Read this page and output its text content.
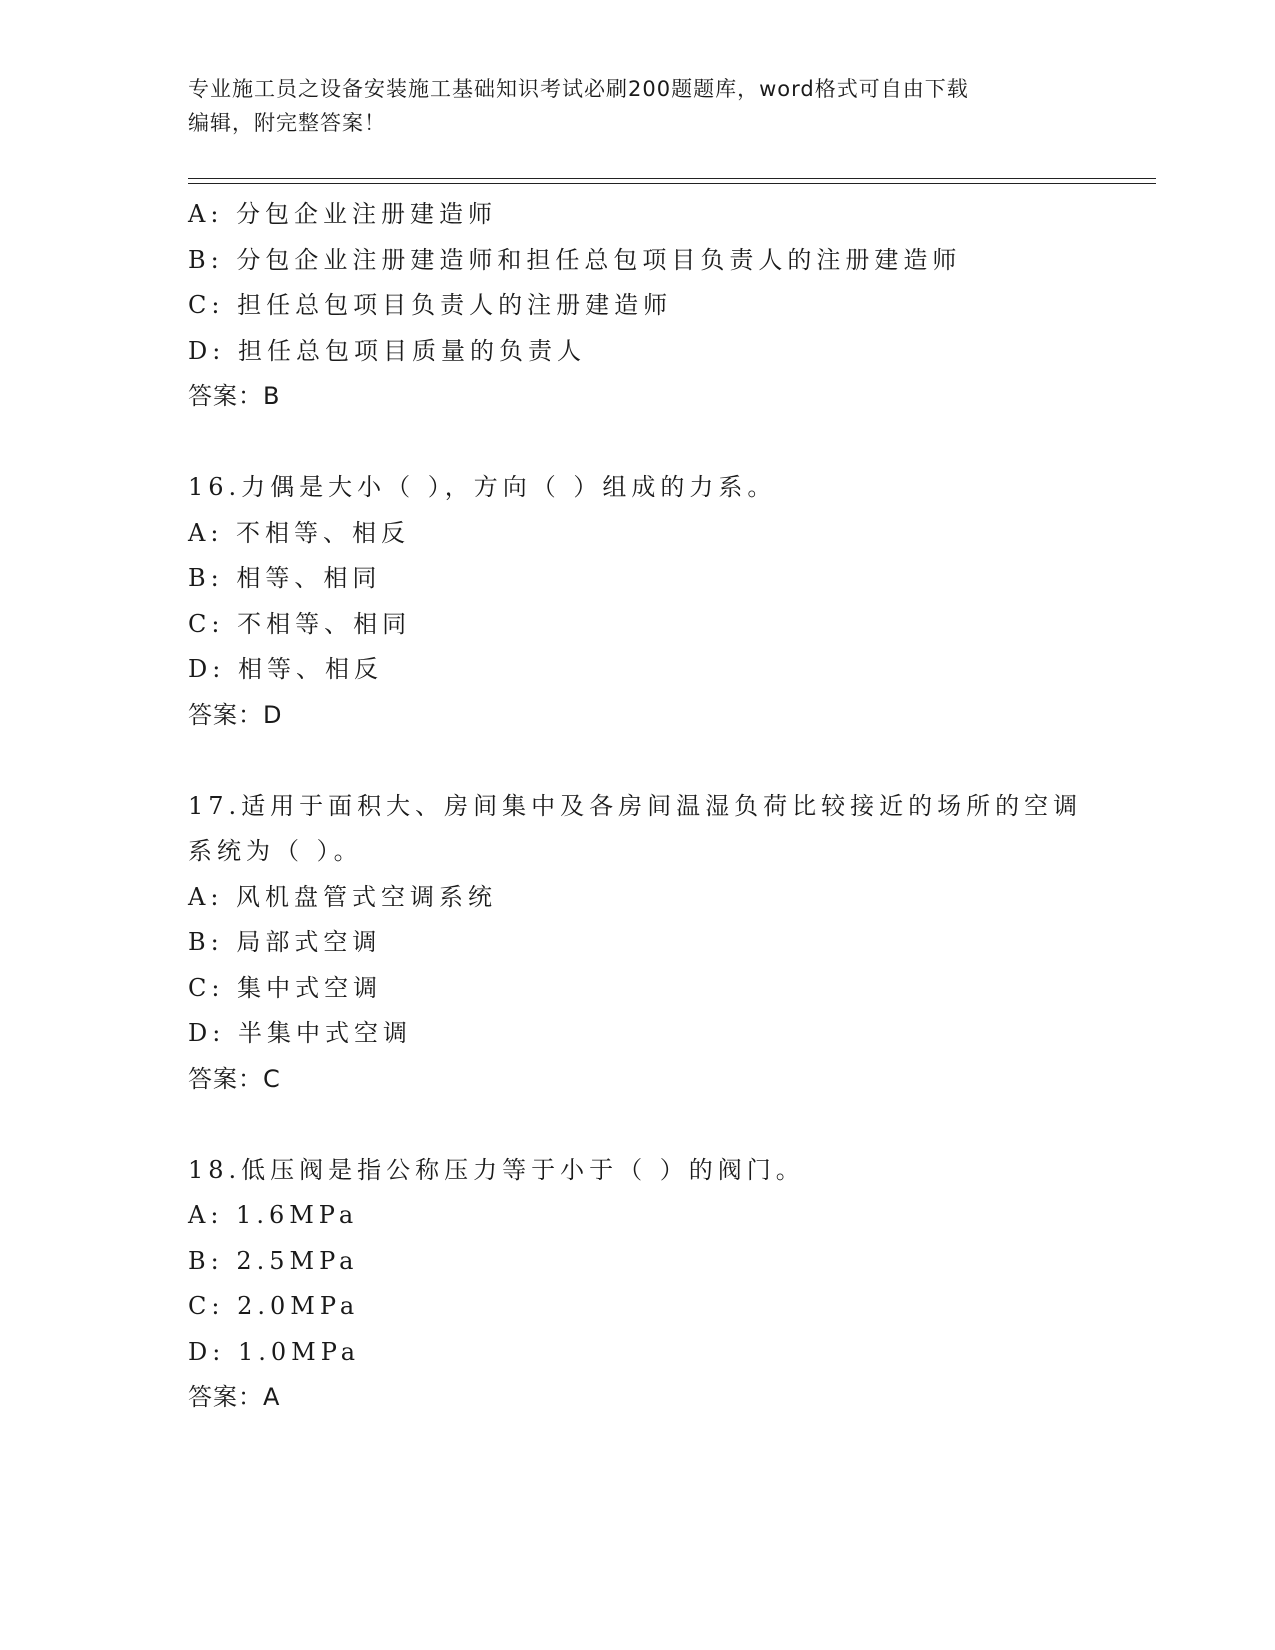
专业施工员之设备安装施工基础知识考试必刷200题题库，word格式可自由下载
编辑，附完整答案！
A: 分包企业注册建造师
B: 分包企业注册建造师和担任总包项目负责人的注册建造师
C: 担任总包项目负责人的注册建造师
D: 担任总包项目质量的负责人
答案：B
16.力偶是大小（ ），方向（ ）组成的力系。
A: 不相等、相反
B: 相等、相同
C: 不相等、相同
D: 相等、相反
答案：D
17.适用于面积大、房间集中及各房间温湿负荷比较接近的场所的空调
系统为（ ）。
A: 风机盘管式空调系统
B: 局部式空调
C: 集中式空调
D: 半集中式空调
答案：C
18.低压阀是指公称压力等于小于（ ）的阀门。
A: 1.6MPa
B: 2.5MPa
C: 2.0MPa
D: 1.0MPa
答案：A
